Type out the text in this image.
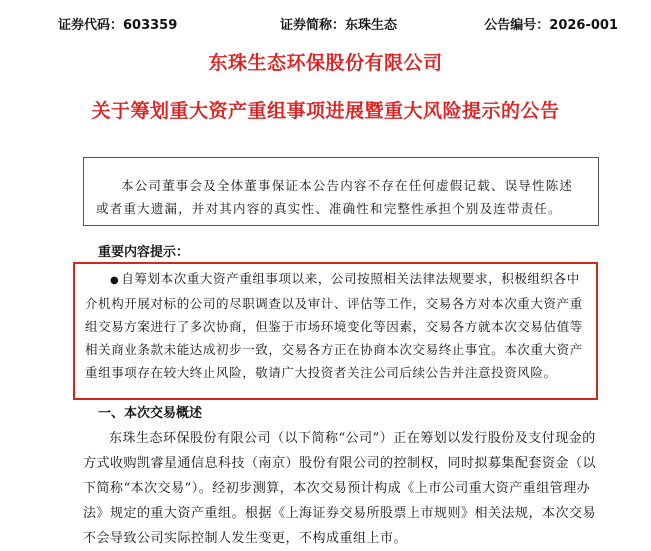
证券代码：603359	证券简称：东珠生态	公告编号：2026-001
东珠生态环保股份有限公司
关于筹划重大资产重组事项进展暨重大风险提示的公告

本公司董事会及全体董事保证本公告内容不存在任何虚假记载、误导性陈述或者重大遗漏，并对其内容的真实性、准确性和完整性承担个别及连带责任。

重要内容提示：

● 自筹划本次重大资产重组事项以来，公司按照相关法律法规要求，积极组织各中介机构开展对标的公司的尽职调查以及审计、评估等工作，交易各方对本次重大资产重组交易方案进行了多次协商，但鉴于市场环境变化等因素，交易各方就本次交易估值等相关商业条款未能达成初步一致，交易各方正在协商本次交易终止事宜。本次重大资产重组事项存在较大终止风险，敬请广大投资者关注公司后续公告并注意投资风险。

一、本次交易概述

东珠生态环保股份有限公司（以下简称“公司”）正在筹划以发行股份及支付现金的方式收购凯睿星通信息科技（南京）股份有限公司的控制权，同时拟募集配套资金（以下简称“本次交易”）。经初步测算，本次交易预计构成《上市公司重大资产重组管理办法》规定的重大资产重组。根据《上海证券交易所股票上市规则》相关法规，本次交易不会导致公司实际控制人发生变更，不构成重组上市。
